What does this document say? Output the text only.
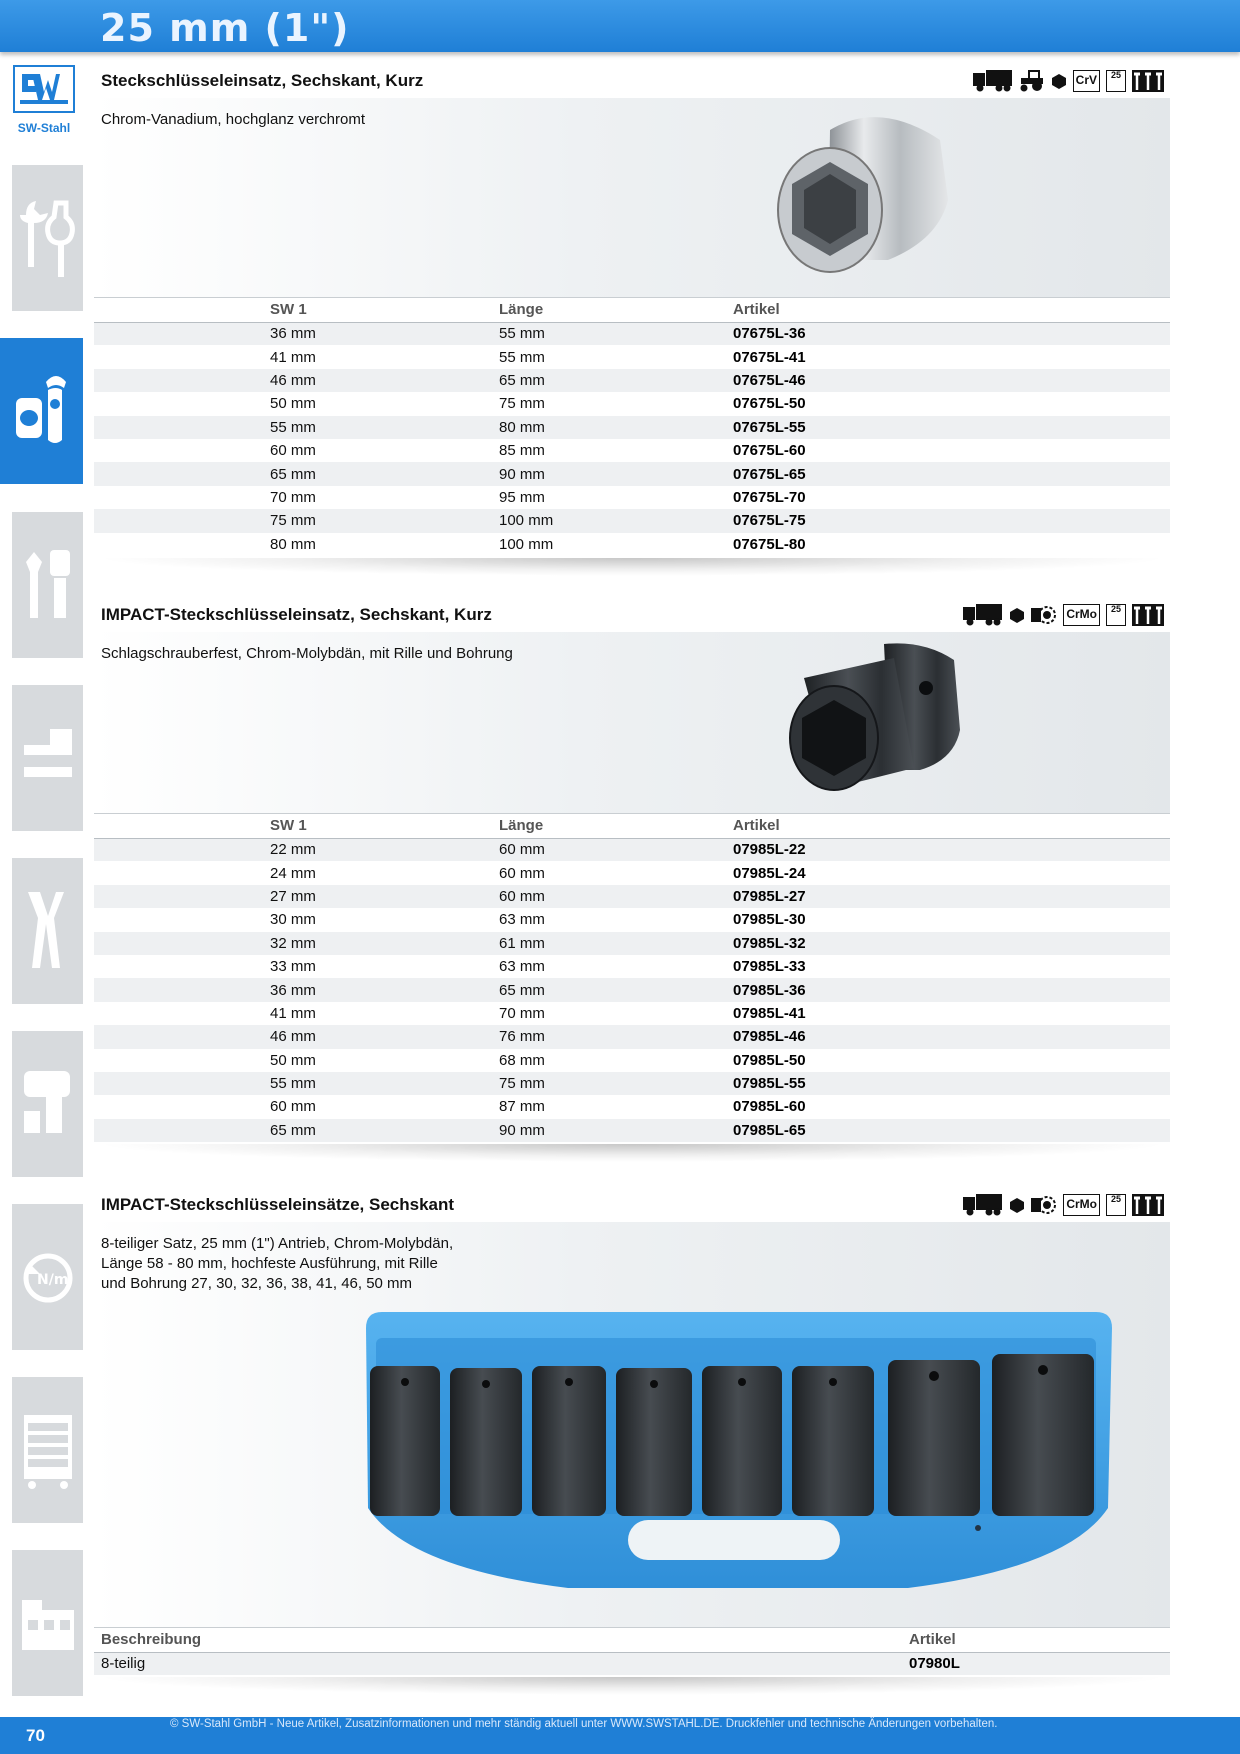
25 mm (1")
SW-Stahl
N/m
Steckschlüsseleinsatz, Sechskant, Kurz	CrV	25
Chrom-Vanadium, hochglanz verchromt
SW 1	Länge	Artikel
36 mm	55 mm	07675L-36
41 mm	55 mm	07675L-41
46 mm	65 mm	07675L-46
50 mm	75 mm	07675L-50
55 mm	80 mm	07675L-55
60 mm	85 mm	07675L-60
65 mm	90 mm	07675L-65
70 mm	95 mm	07675L-70
75 mm	100 mm	07675L-75
80 mm	100 mm	07675L-80
IMPACT-Steckschlüsseleinsatz, Sechskant, Kurz	CrMo	25
Schlagschrauberfest, Chrom-Molybdän, mit Rille und Bohrung
SW 1	Länge	Artikel
22 mm	60 mm	07985L-22
24 mm	60 mm	07985L-24
27 mm	60 mm	07985L-27
30 mm	63 mm	07985L-30
32 mm	61 mm	07985L-32
33 mm	63 mm	07985L-33
36 mm	65 mm	07985L-36
41 mm	70 mm	07985L-41
46 mm	76 mm	07985L-46
50 mm	68 mm	07985L-50
55 mm	75 mm	07985L-55
60 mm	87 mm	07985L-60
65 mm	90 mm	07985L-65
IMPACT-Steckschlüsseleinsätze, Sechskant	CrMo	25
8-teiliger Satz, 25 mm (1") Antrieb, Chrom-Molybdän,
Länge 58 - 80 mm, hochfeste Ausführung, mit Rille
und Bohrung 27, 30, 32, 36, 38, 41, 46, 50 mm
Beschreibung	Artikel
8-teilig	07980L
70
© SW-Stahl GmbH - Neue Artikel, Zusatzinformationen und mehr ständig aktuell unter WWW.SWSTAHL.DE. Druckfehler und technische Änderungen vorbehalten.
